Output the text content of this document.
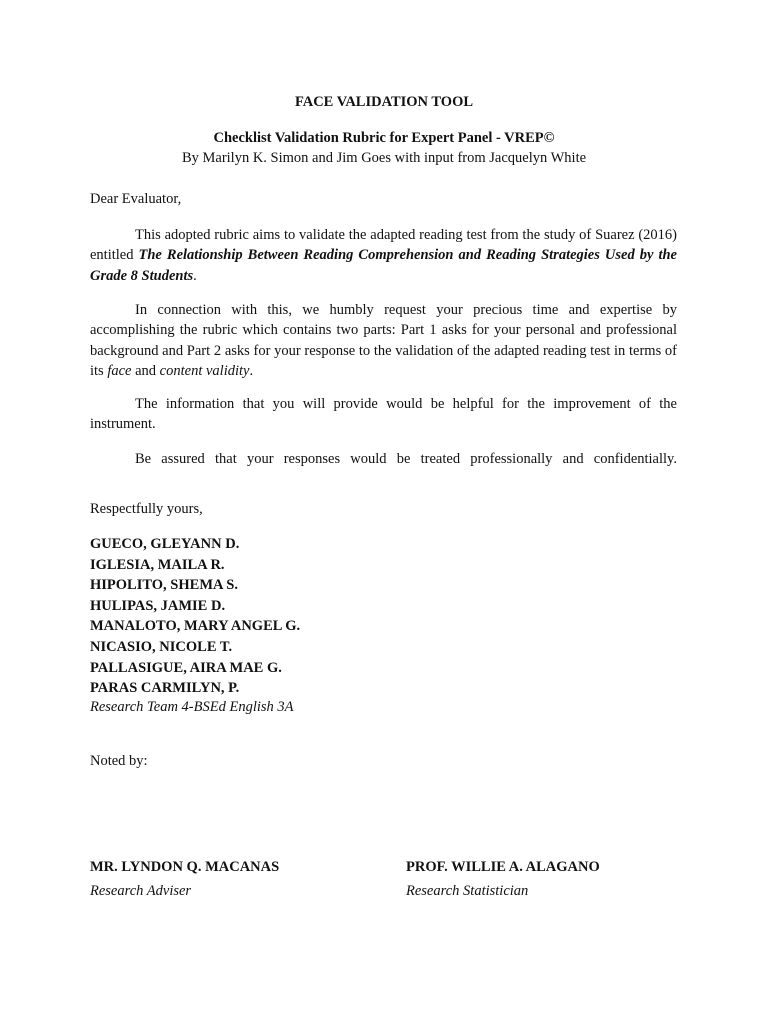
FACE VALIDATION TOOL

Checklist Validation Rubric for Expert Panel - VREP©

By Marilyn K. Simon and Jim Goes with input from Jacquelyn White

Dear Evaluator,

This adopted rubric aims to validate the adapted reading test from the study of Suarez (2016) entitled The Relationship Between Reading Comprehension and Reading Strategies Used by the Grade 8 Students.

In connection with this, we humbly request your precious time and expertise by accomplishing the rubric which contains two parts: Part 1 asks for your personal and professional background and Part 2 asks for your response to the validation of the adapted reading test in terms of its face and content validity.

The information that you will provide would be helpful for the improvement of the instrument.

Be assured that your responses would be treated professionally and confidentially.

Respectfully yours,

GUECO, GLEYANN D.
IGLESIA, MAILA R.
HIPOLITO, SHEMA S.
HULIPAS, JAMIE D.
MANALOTO, MARY ANGEL G.
NICASIO, NICOLE T.
PALLASIGUE, AIRA MAE G.
PARAS CARMILYN, P.

Research Team 4-BSEd English 3A

Noted by:

MR. LYNDON Q. MACANAS

Research Adviser

PROF. WILLIE A. ALAGANO

Research Statistician
